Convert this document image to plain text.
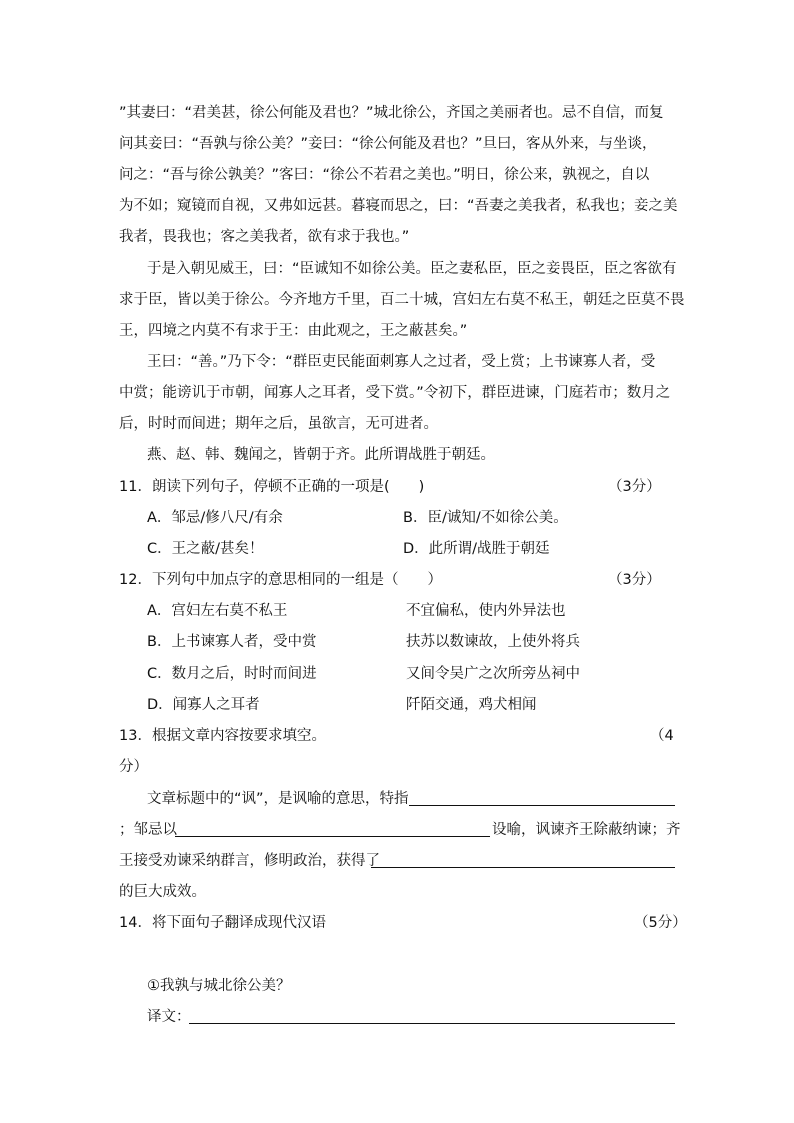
”其妻曰：“君美甚，徐公何能及君也？”城北徐公，齐国之美丽者也。忌不自信，而复
问其妾曰：“吾孰与徐公美？”妾曰：“徐公何能及君也？”旦曰，客从外来，与坐谈，
问之：“吾与徐公孰美？”客曰：“徐公不若君之美也。”明日，徐公来，孰视之，自以
为不如；窥镜而自视，又弗如远甚。暮寝而思之，曰：“吾妻之美我者，私我也；妾之美
我者，畏我也；客之美我者，欲有求于我也。”
于是入朝见威王，曰：“臣诚知不如徐公美。臣之妻私臣，臣之妾畏臣，臣之客欲有
求于臣，皆以美于徐公。今齐地方千里，百二十城，宫妇左右莫不私王，朝廷之臣莫不畏
王，四境之内莫不有求于王：由此观之，王之蔽甚矣。”
王曰：“善。”乃下令：“群臣吏民能面刺寡人之过者，受上赏；上书谏寡人者，受
中赏；能谤讥于市朝，闻寡人之耳者，受下赏。”令初下，群臣进谏，门庭若市；数月之
后，时时而间进；期年之后，虽欲言，无可进者。
燕、赵、韩、魏闻之，皆朝于齐。此所谓战胜于朝廷。
11．朗读下列句子，停顿不正确的一项是(　　)	（3分）
A．邹忌/修八尺/有余	B．臣/诚知/不如徐公美。
C．王之蔽/甚矣！	D．此所谓/战胜于朝廷
12．下列句中加点字的意思相同的一组是（　　）	（3分）
A．宫妇左右莫不私王	不宜偏私，使内外异法也
B．上书谏寡人者，受中赏	扶苏以数谏故，上使外将兵
C．数月之后，时时而间进	又间令吴广之次所旁丛祠中
D．闻寡人之耳者	阡陌交通，鸡犬相闻
13．根据文章内容按要求填空。	（4
分）
文章标题中的“讽”，是讽喻的意思，特指
；邹忌以	设喻，讽谏齐王除蔽纳谏；齐
王接受劝谏采纳群言，修明政治，获得了
的巨大成效。
14．将下面句子翻译成现代汉语	（5分）
①我孰与城北徐公美？
译文：
